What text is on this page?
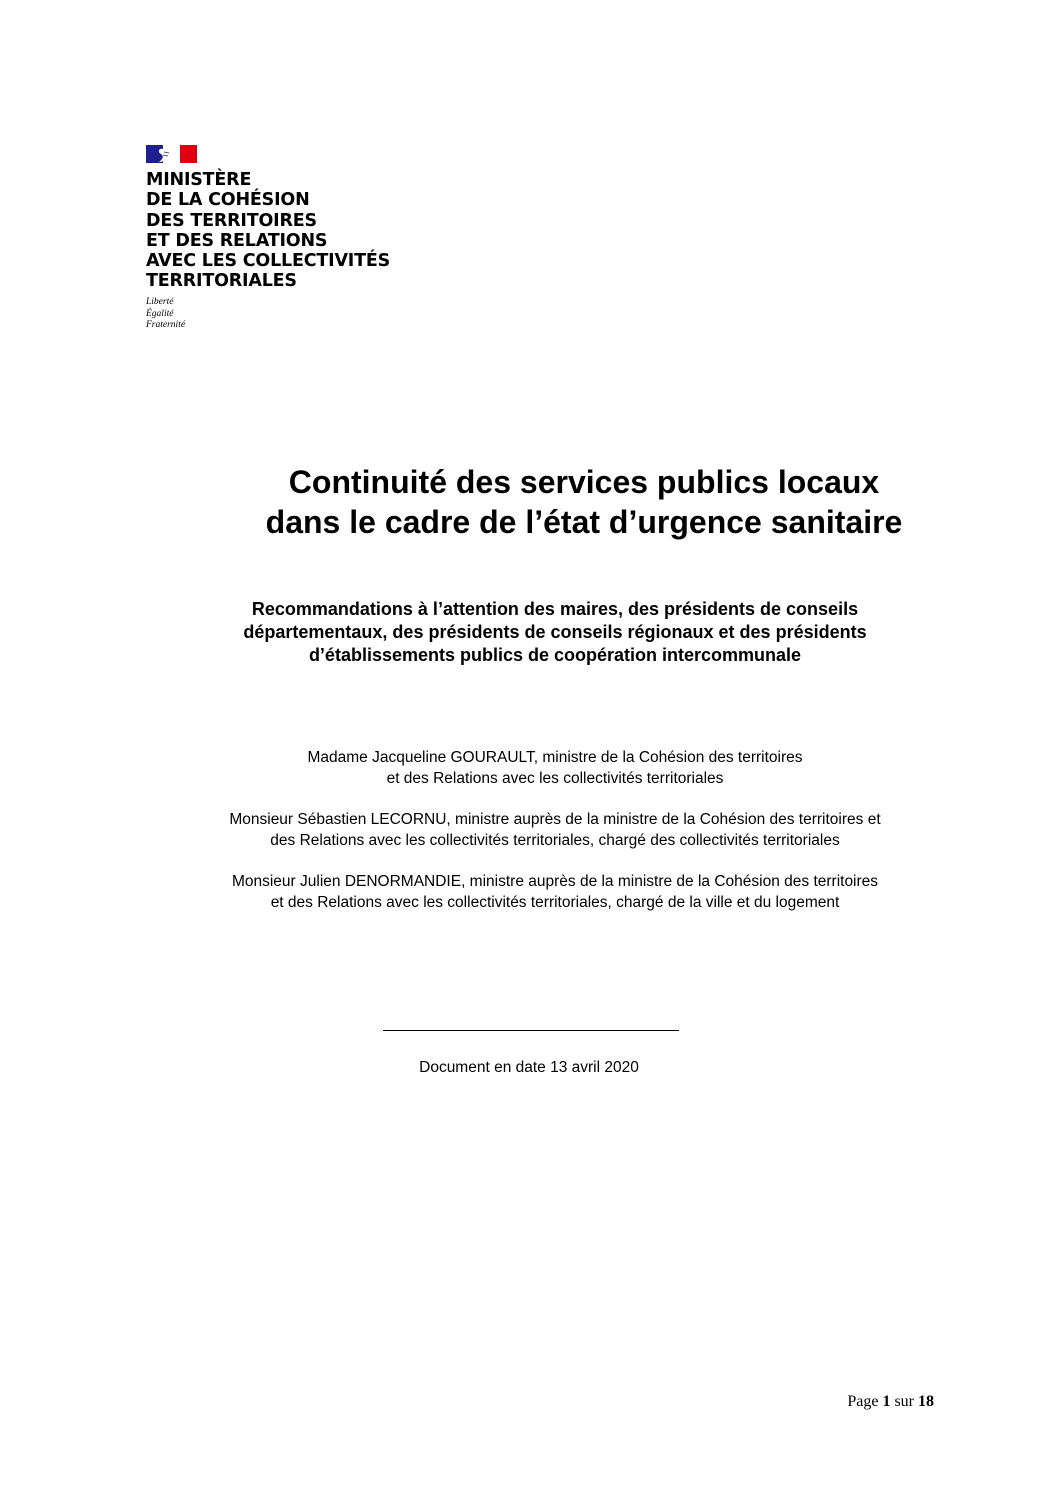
MINISTÈRE
DE LA COHÉSION
DES TERRITOIRES
ET DES RELATIONS
AVEC LES COLLECTIVITÉS
TERRITORIALES
Liberté
Égalité
Fraternité
Continuité des services publics locaux
dans le cadre de l’état d’urgence sanitaire
Recommandations à l’attention des maires, des présidents de conseils
départementaux, des présidents de conseils régionaux et des présidents
d’établissements publics de coopération intercommunale
Madame Jacqueline GOURAULT, ministre de la Cohésion des territoires
et des Relations avec les collectivités territoriales
Monsieur Sébastien LECORNU, ministre auprès de la ministre de la Cohésion des territoires et
des Relations avec les collectivités territoriales, chargé des collectivités territoriales
Monsieur Julien DENORMANDIE, ministre auprès de la ministre de la Cohésion des territoires
et des Relations avec les collectivités territoriales, chargé de la ville et du logement
Document en date 13 avril 2020
Page 1 sur 18
